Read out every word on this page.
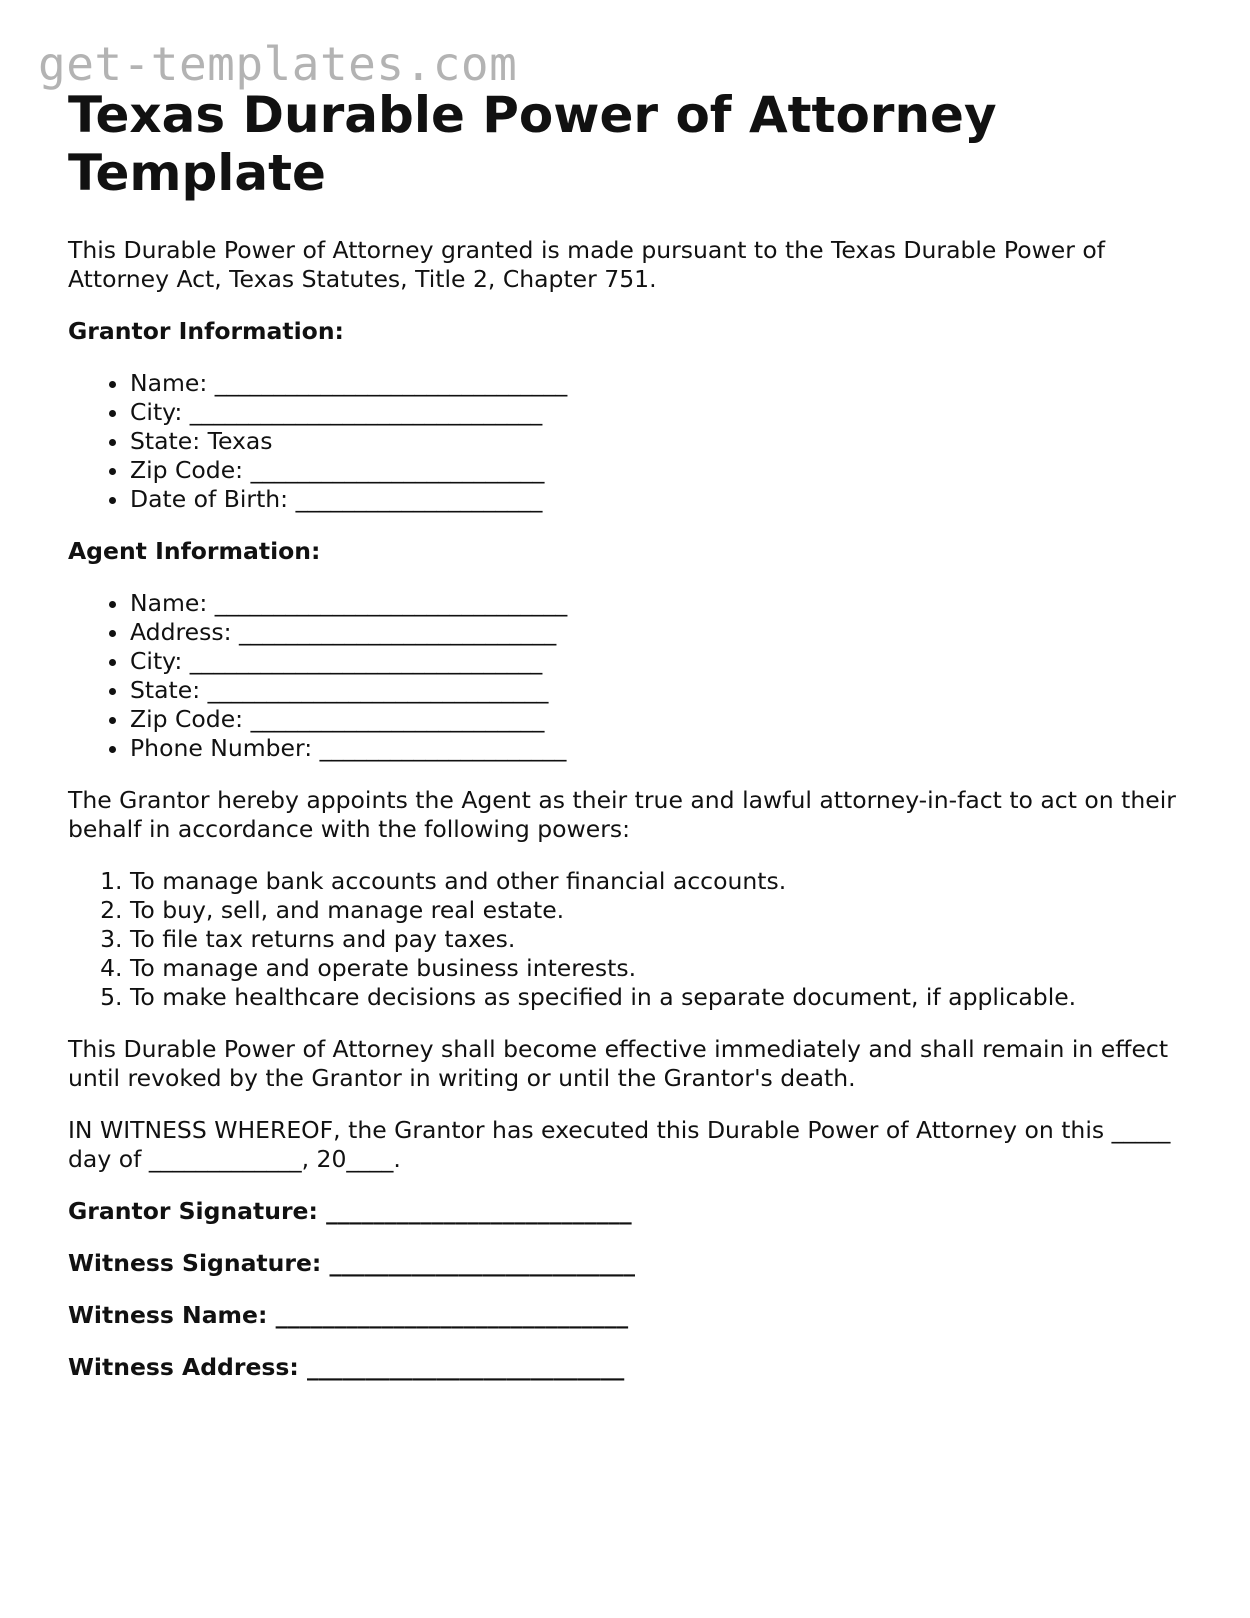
get-templates.com
Texas Durable Power of Attorney Template

This Durable Power of Attorney granted is made pursuant to the Texas Durable Power of Attorney Act, Texas Statutes, Title 2, Chapter 751.

Grantor Information:
• Name: ______________________________
• City: ______________________________
• State: Texas
• Zip Code: _________________________
• Date of Birth: _____________________
Agent Information:
• Name: ______________________________
• Address: ___________________________
• City: ______________________________
• State: _____________________________
• Zip Code: _________________________
• Phone Number: _____________________

The Grantor hereby appoints the Agent as their true and lawful attorney-in-fact to act on their behalf in accordance with the following powers:

1. To manage bank accounts and other financial accounts.
2. To buy, sell, and manage real estate.
3. To file tax returns and pay taxes.
4. To manage and operate business interests.
5. To make healthcare decisions as specified in a separate document, if applicable.

This Durable Power of Attorney shall become effective immediately and shall remain in effect until revoked by the Grantor in writing or until the Grantor's death.

IN WITNESS WHEREOF, the Grantor has executed this Durable Power of Attorney on this _____ day of _____________, 20____.

Grantor Signature: __________________________
Witness Signature: __________________________
Witness Name: ______________________________
Witness Address: ___________________________
